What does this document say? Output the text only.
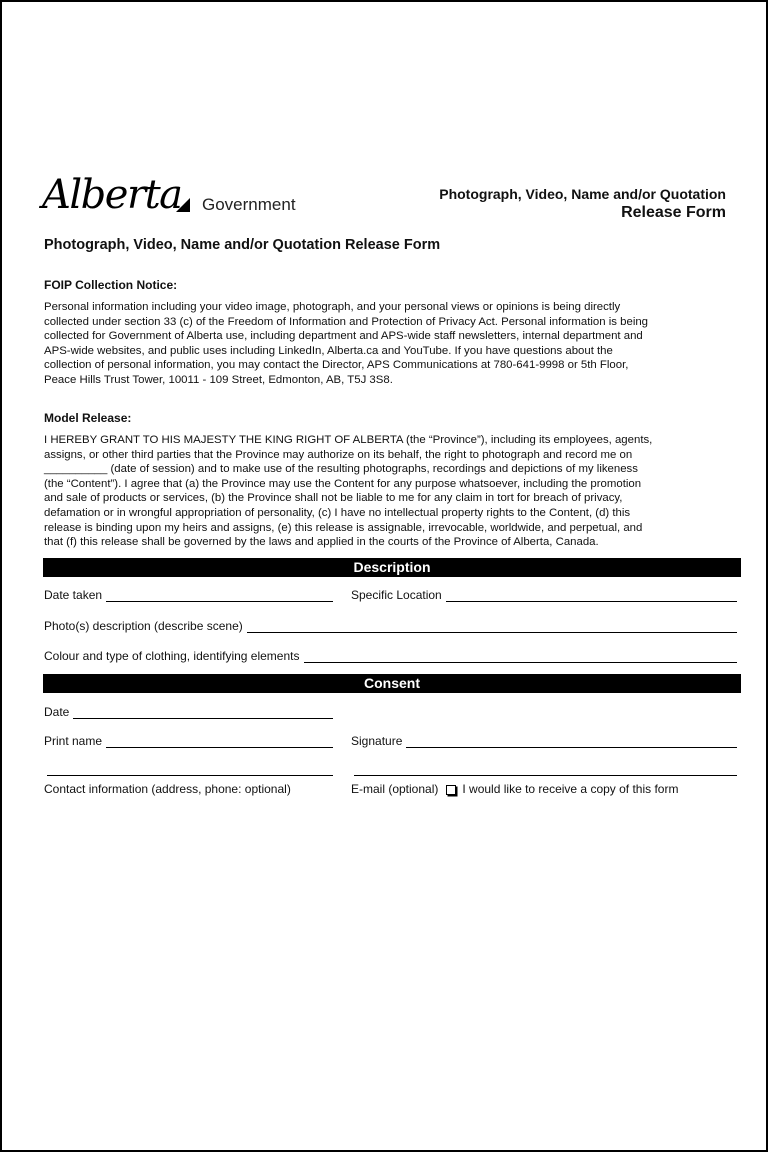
Alberta Government
Photograph, Video, Name and/or Quotation
Release Form
Photograph, Video, Name and/or Quotation Release Form
FOIP Collection Notice:
Personal information including your video image, photograph, and your personal views or opinions is being directly
collected under section 33 (c) of the Freedom of Information and Protection of Privacy Act. Personal information is being
collected for Government of Alberta use, including department and APS-wide staff newsletters, internal department and
APS-wide websites, and public uses including LinkedIn, Alberta.ca and YouTube. If you have questions about the
collection of personal information, you may contact the Director, APS Communications at 780-641-9998 or 5th Floor,
Peace Hills Trust Tower, 10011 - 109 Street, Edmonton, AB, T5J 3S8.
Model Release:
I HEREBY GRANT TO HIS MAJESTY THE KING RIGHT OF ALBERTA (the “Province”), including its employees, agents,
assigns, or other third parties that the Province may authorize on its behalf, the right to photograph and record me on
__________ (date of session) and to make use of the resulting photographs, recordings and depictions of my likeness
(the “Content”). I agree that (a) the Province may use the Content for any purpose whatsoever, including the promotion
and sale of products or services, (b) the Province shall not be liable to me for any claim in tort for breach of privacy,
defamation or in wrongful appropriation of personality, (c) I have no intellectual property rights to the Content, (d) this
release is binding upon my heirs and assigns, (e) this release is assignable, irrevocable, worldwide, and perpetual, and
that (f) this release shall be governed by the laws and applied in the courts of the Province of Alberta, Canada.
Description
Date taken	Specific Location
Photo(s) description (describe scene)
Colour and type of clothing, identifying elements
Consent
Date
Print name	Signature
Contact information (address, phone: optional)	E-mail (optional) I would like to receive a copy of this form
